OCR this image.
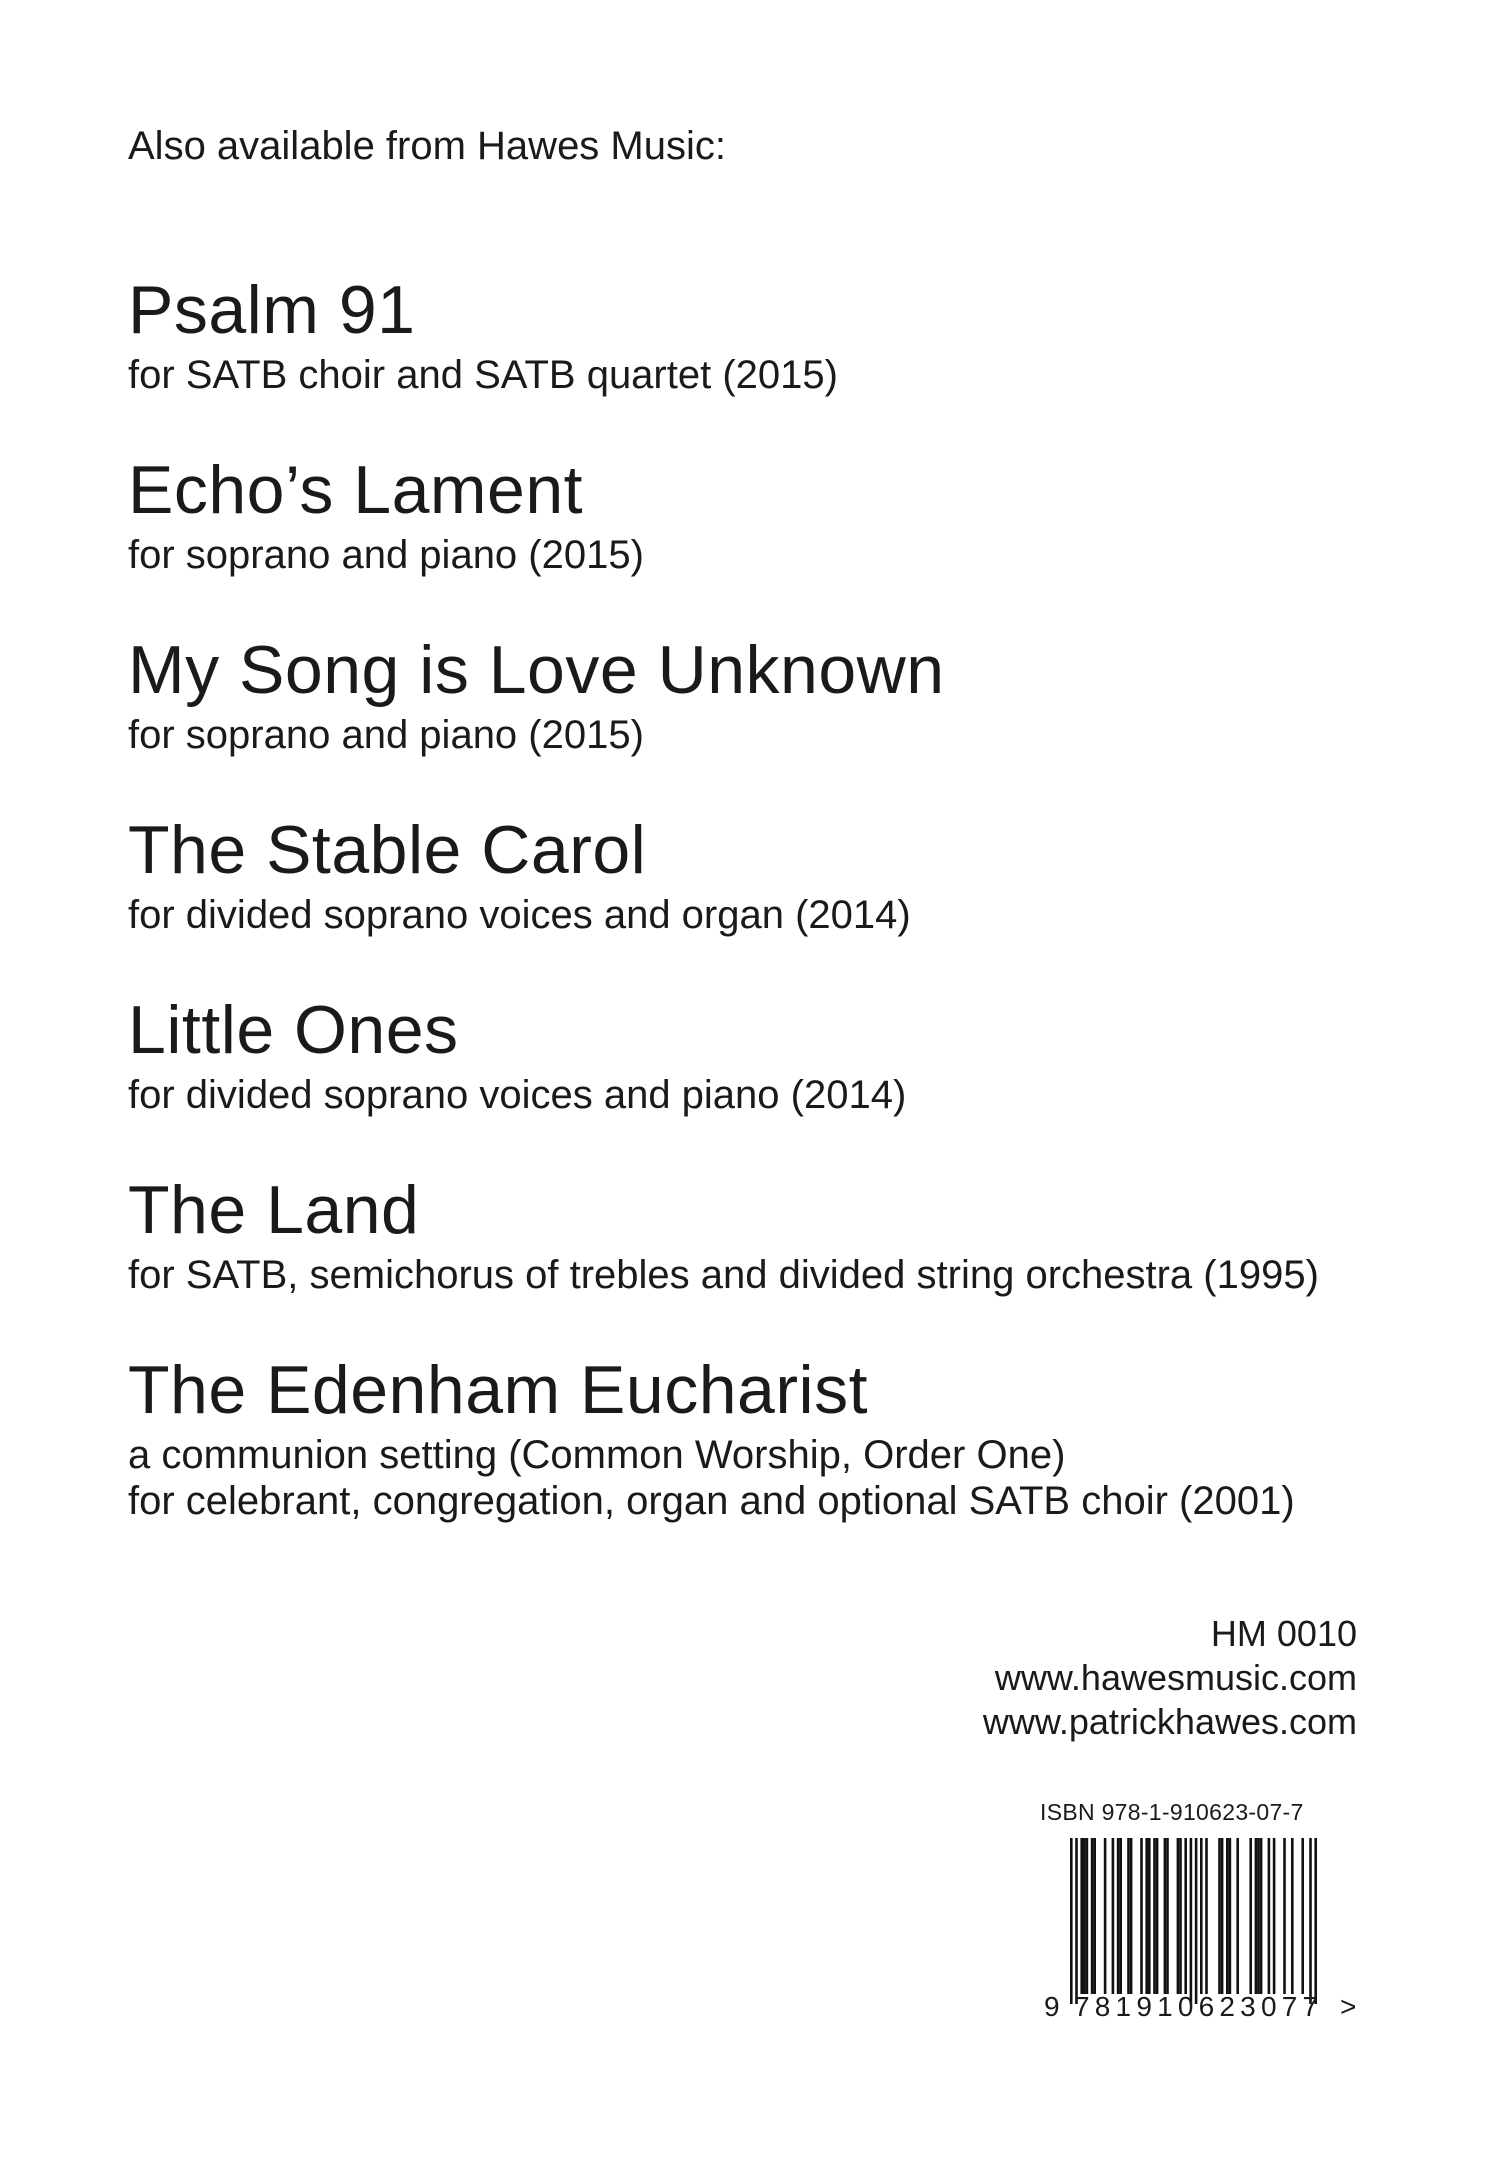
Also available from Hawes Music:
Psalm 91
for SATB choir and SATB quartet (2015)
Echo’s Lament
for soprano and piano (2015)
My Song is Love Unknown
for soprano and piano (2015)
The Stable Carol
for divided soprano voices and organ (2014)
Little Ones
for divided soprano voices and piano (2014)
The Land
for SATB, semichorus of trebles and divided string orchestra (1995)
The Edenham Eucharist
a communion setting (Common Worship, Order One)
for celebrant, congregation, organ and optional SATB choir (2001)
HM 0010
www.hawesmusic.com
www.patrickhawes.com
ISBN 978-1-910623-07-7
9 781910623077 >
